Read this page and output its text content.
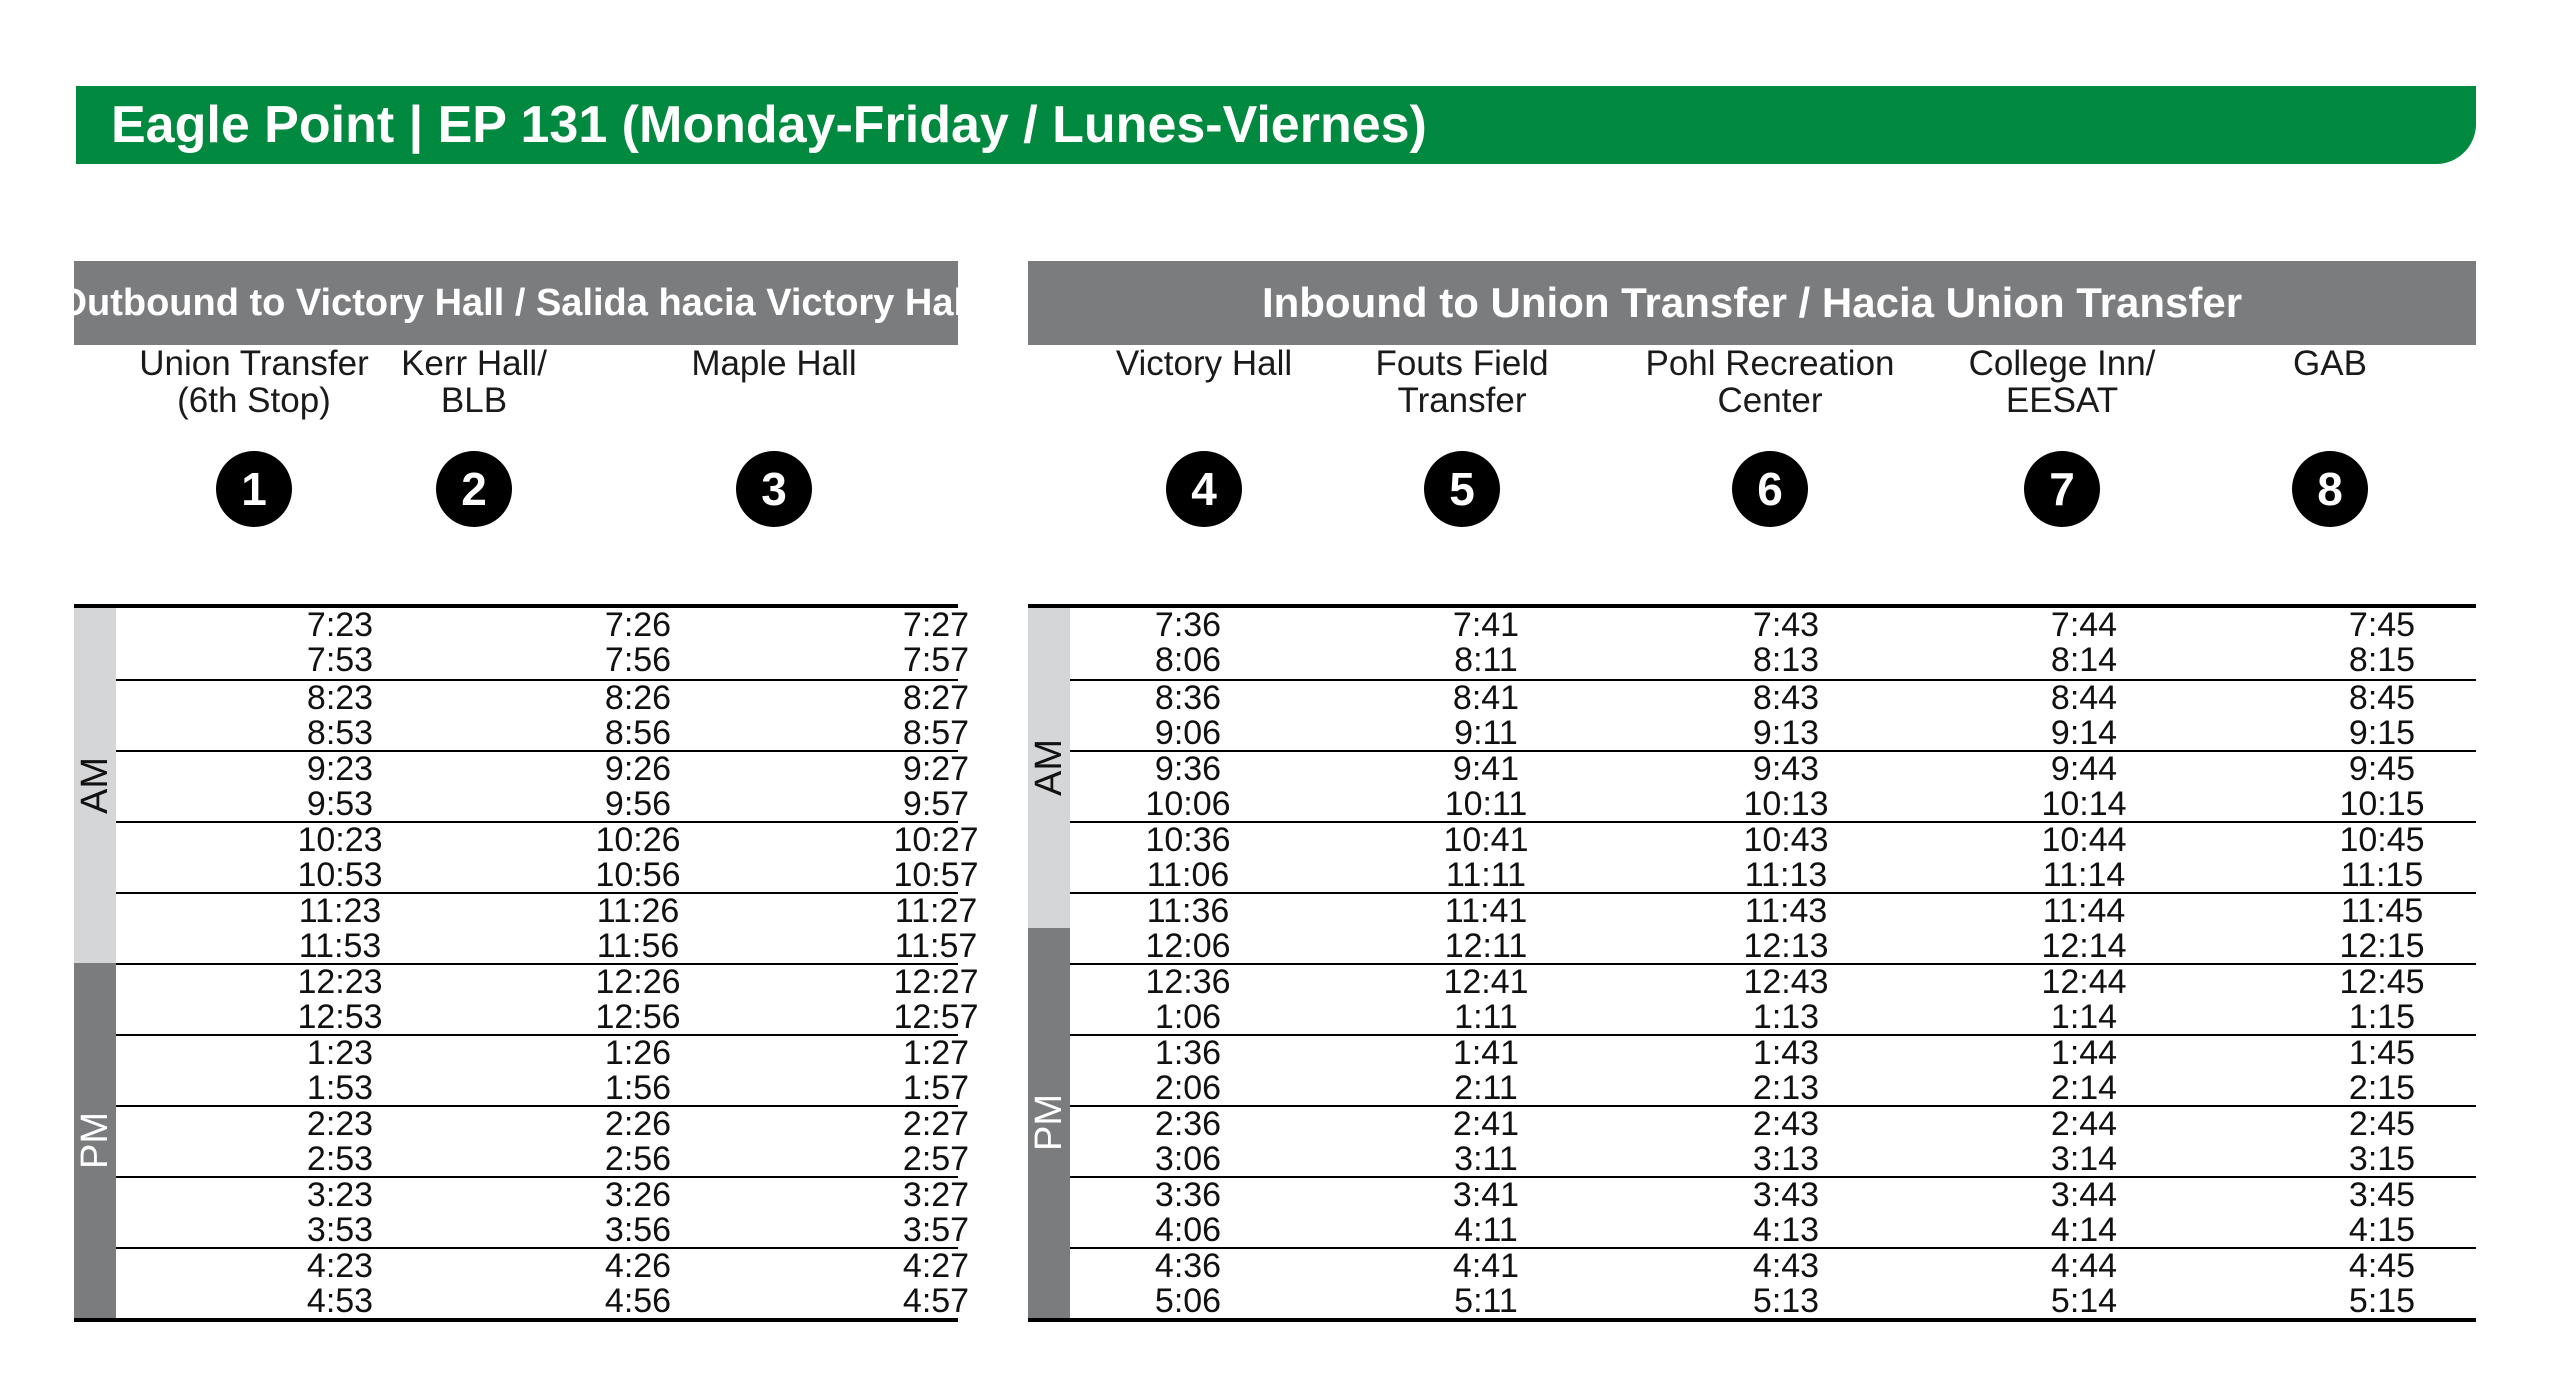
Eagle Point | EP 131 (Monday-Friday / Lunes-Viernes)
Outbound to Victory Hall / Salida hacia Victory Hall
Union Transfer
(6th Stop)
1
Kerr Hall/
BLB
2
Maple Hall
3
AM
PM
7:23	7:26	7:27
7:53	7:56	7:57
8:23	8:26	8:27
8:53	8:56	8:57
9:23	9:26	9:27
9:53	9:56	9:57
10:23	10:26	10:27
10:53	10:56	10:57
11:23	11:26	11:27
11:53	11:56	11:57
12:23	12:26	12:27
12:53	12:56	12:57
1:23	1:26	1:27
1:53	1:56	1:57
2:23	2:26	2:27
2:53	2:56	2:57
3:23	3:26	3:27
3:53	3:56	3:57
4:23	4:26	4:27
4:53	4:56	4:57
Inbound to Union Transfer / Hacia Union Transfer
Victory Hall
4
Fouts Field
Transfer
5
Pohl Recreation
Center
6
College Inn/
EESAT
7
GAB
8
AM
PM
7:36	7:41	7:43	7:44	7:45
8:06	8:11	8:13	8:14	8:15
8:36	8:41	8:43	8:44	8:45
9:06	9:11	9:13	9:14	9:15
9:36	9:41	9:43	9:44	9:45
10:06	10:11	10:13	10:14	10:15
10:36	10:41	10:43	10:44	10:45
11:06	11:11	11:13	11:14	11:15
11:36	11:41	11:43	11:44	11:45
12:06	12:11	12:13	12:14	12:15
12:36	12:41	12:43	12:44	12:45
1:06	1:11	1:13	1:14	1:15
1:36	1:41	1:43	1:44	1:45
2:06	2:11	2:13	2:14	2:15
2:36	2:41	2:43	2:44	2:45
3:06	3:11	3:13	3:14	3:15
3:36	3:41	3:43	3:44	3:45
4:06	4:11	4:13	4:14	4:15
4:36	4:41	4:43	4:44	4:45
5:06	5:11	5:13	5:14	5:15
